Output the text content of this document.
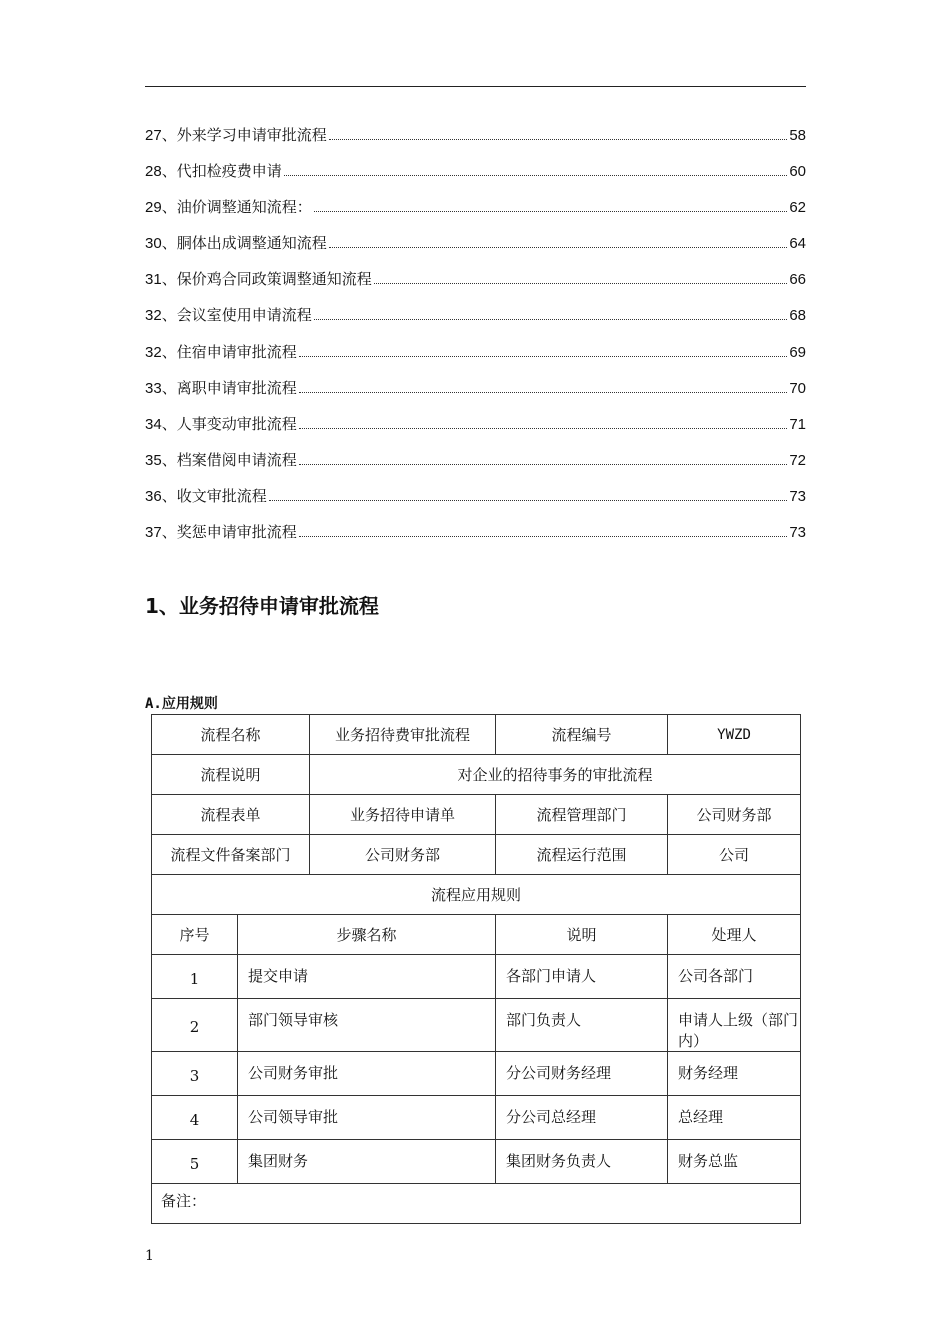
27 、外来学习申请审批流程	58
28 、代扣检疫费申请	60
29 、油价调整通知流程：	62
30 、胴体出成调整通知流程	64
31 、保价鸡合同政策调整通知流程	66
32 、会议室使用申请流程	68
32 、住宿申请审批流程	69
33 、离职申请审批流程	70
34 、人事变动审批流程	71
35 、档案借阅申请流程	72
36 、收文审批流程	73
37 、奖惩申请审批流程	73
1、业务招待申请审批流程
A.应用规则
流程名称		业务招待费审批流程	流程编号	YWZD
流程说明		对企业的招待事务的审批流程		
流程表单		业务招待申请单	流程管理部门	公司财务部
流程文件备案部门		公司财务部	流程运行范围	公司
流程应用规则				
序号	步骤名称		说明	处理人
1	提交申请		各部门申请人	公司各部门
2	部门领导审核		部门负责人	申请人上级（部门内）
3	公司财务审批		分公司财务经理	财务经理
4	公司领导审批		分公司总经理	总经理
5	集团财务		集团财务负责人	财务总监
备注：				
1
